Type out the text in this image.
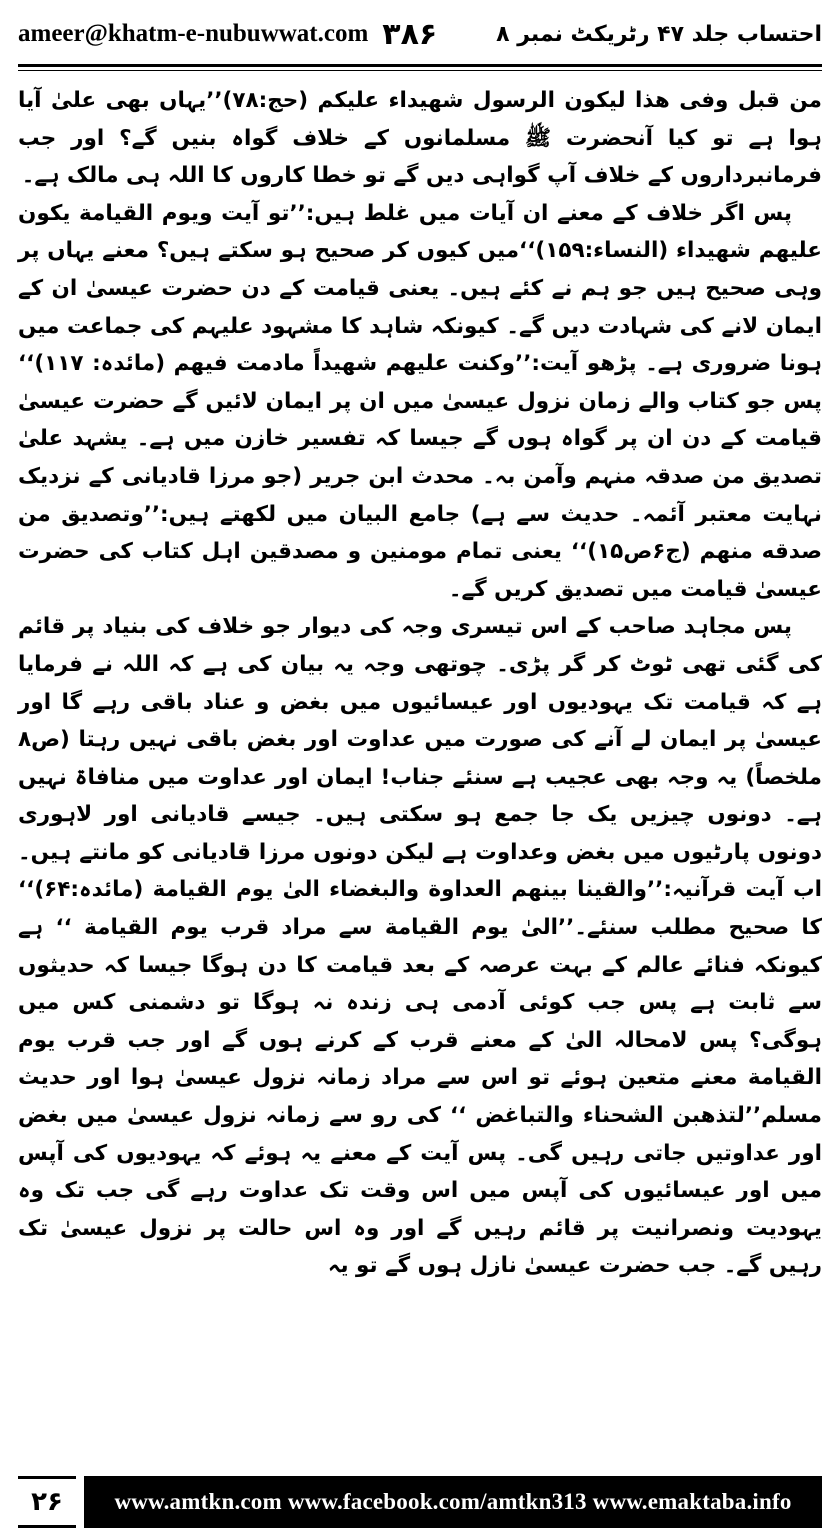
ameer@khatm-e-nubuwwat.com ۳۸۶	احتساب جلد ۴۷ رٹریکٹ نمبر ۸

من قبل وفی هذا لیکون الرسول شهیداء علیکم (حج:۷۸)’’یہاں بھی علیٰ آیا ہوا ہے تو کیا آنحضرت ﷺ مسلمانوں کے خلاف گواہ بنیں گے؟ اور جب فرمانبرداروں کے خلاف آپ گواہی دیں گے تو خطا کاروں کا اللہ ہی مالک ہے۔

پس اگر خلاف کے معنے ان آیات میں غلط ہیں:’’تو آیت ویوم القیامة یکون علیهم شهیداء (النساء:۱۵۹)‘‘میں کیوں کر صحیح ہو سکتے ہیں؟ معنے یہاں پر وہی صحیح ہیں جو ہم نے کئے ہیں۔ یعنی قیامت کے دن حضرت عیسیٰ ان کے ایمان لانے کی شہادت دیں گے۔ کیونکہ شاہد کا مشہود علیہم کی جماعت میں ہونا ضروری ہے۔ پڑھو آیت:’’وکنت علیهم شهیداً مادمت فیهم (مائدہ: ۱۱۷)‘‘ پس جو کتاب والے زمان نزول عیسیٰ میں ان پر ایمان لائیں گے حضرت عیسیٰ قیامت کے دن ان پر گواہ ہوں گے جیسا کہ تفسیر خازن میں ہے۔ یشہد علیٰ تصدیق من صدقہ منہم وآمن بہ۔ محدث ابن جریر (جو مرزا قادیانی کے نزدیک نہایت معتبر آئمہ۔ حدیث سے ہے) جامع البیان میں لکھتے ہیں:’’وتصدیق من صدقه منهم (ج۶ص۱۵)‘‘ یعنی تمام مومنین و مصدقین اہل کتاب کی حضرت عیسیٰ قیامت میں تصدیق کریں گے۔

پس مجاہد صاحب کے اس تیسری وجہ کی دیوار جو خلاف کی بنیاد پر قائم کی گئی تھی ٹوٹ کر گر پڑی۔ چوتھی وجہ یہ بیان کی ہے کہ اللہ نے فرمایا ہے کہ قیامت تک یہودیوں اور عیسائیوں میں بغض و عناد باقی رہے گا اور عیسیٰ پر ایمان لے آنے کی صورت میں عداوت اور بغض باقی نہیں رہتا (ص۸ ملخصاً) یہ وجہ بھی عجیب ہے سنئے جناب! ایمان اور عداوت میں منافاۃ نہیں ہے۔ دونوں چیزیں یک جا جمع ہو سکتی ہیں۔ جیسے قادیانی اور لاہوری دونوں پارٹیوں میں بغض وعداوت ہے لیکن دونوں مرزا قادیانی کو مانتے ہیں۔ اب آیت قرآنیہ:’’والقینا بینهم العداوة والبغضاء الیٰ یوم القیامة (مائدہ:۶۴)‘‘ کا صحیح مطلب سنئے۔’’الیٰ یوم القیامة سے مراد قرب یوم القیامة ‘‘ ہے کیونکہ فنائے عالم کے بہت عرصہ کے بعد قیامت کا دن ہوگا جیسا کہ حدیثوں سے ثابت ہے پس جب کوئی آدمی ہی زندہ نہ ہوگا تو دشمنی کس میں ہوگی؟ پس لامحالہ الیٰ کے معنے قرب کے کرنے ہوں گے اور جب قرب یوم القیامة معنے متعین ہوئے تو اس سے مراد زمانہ نزول عیسیٰ ہوا اور حدیث مسلم’’لتذهبن الشحناء والتباغض ‘‘ کی رو سے زمانہ نزول عیسیٰ میں بغض اور عداوتیں جاتی رہیں گی۔ پس آیت کے معنے یہ ہوئے کہ یہودیوں کی آپس میں اور عیسائیوں کی آپس میں اس وقت تک عداوت رہے گی جب تک وہ یہودیت ونصرانیت پر قائم رہیں گے اور وہ اس حالت پر نزول عیسیٰ تک رہیں گے۔ جب حضرت عیسیٰ نازل ہوں گے تو یہ

۲۶	www.amtkn.com www.facebook.com/amtkn313 www.emaktaba.info
